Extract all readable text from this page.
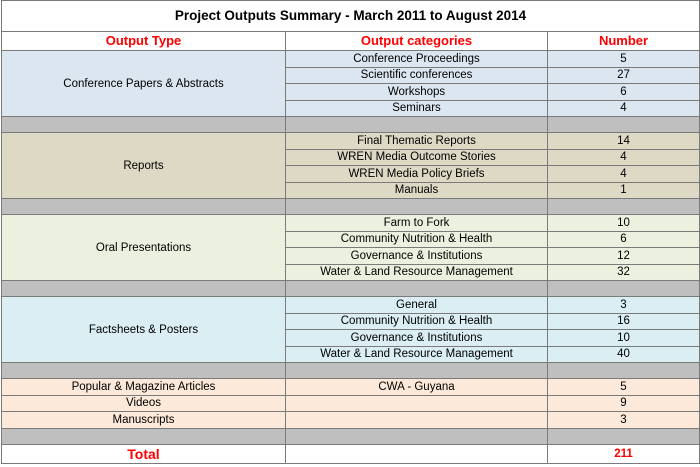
Project Outputs Summary - March 2011 to August 2014		
Output Type	Output categories	Number
Conference Papers & Abstracts	Conference Proceedings	5
	Scientific conferences	27
	Workshops	6
	Seminars	4

Reports	Final Thematic Reports	14
	WREN Media Outcome Stories	4
	WREN Media Policy Briefs	4
	Manuals	1

Oral Presentations	Farm to Fork	10
	Community Nutrition & Health	6
	Governance & Institutions	12
	Water & Land Resource Management	32

Factsheets & Posters	General	3
	Community Nutrition & Health	16
	Governance & Institutions	10
	Water & Land Resource Management	40

Popular & Magazine Articles	CWA - Guyana	5
Videos		9
Manuscripts		3

Total		211
